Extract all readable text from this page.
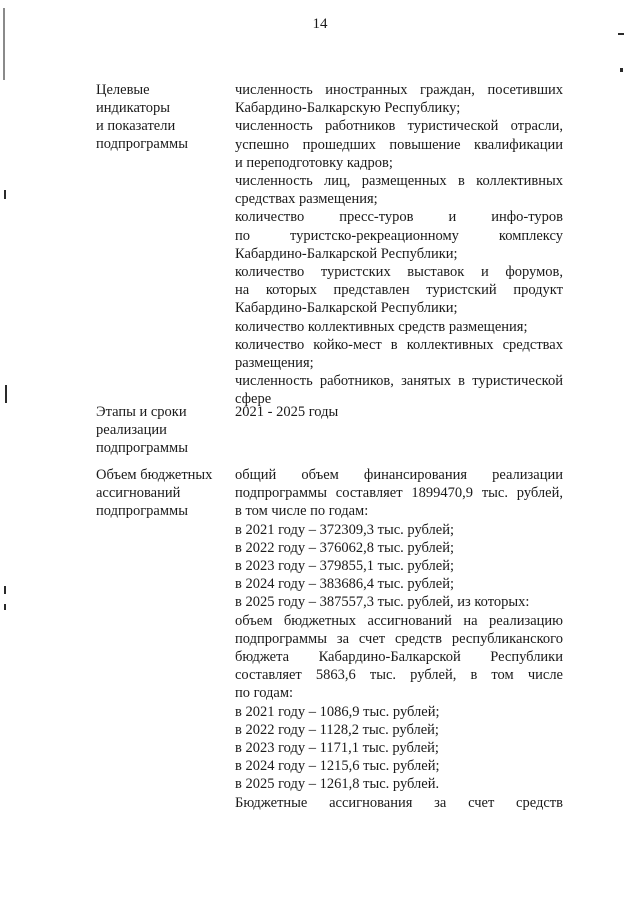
14
Целевые
индикаторы
и показатели
подпрограммы
численность иностранных граждан, посетивших
Кабардино-Балкарскую Республику;
численность работников туристической отрасли,
успешно прошедших повышение квалификации
и переподготовку кадров;
численность лиц, размещенных в коллективных
средствах размещения;
количество пресс-туров и инфо-туров
по туристско-рекреационному комплексу
Кабардино-Балкарской Республики;
количество туристских выставок и форумов,
на которых представлен туристский продукт
Кабардино-Балкарской Республики;
количество коллективных средств размещения;
количество койко-мест в коллективных средствах
размещения;
численность работников, занятых в туристической
сфере
Этапы и сроки
реализации
подпрограммы
2021 - 2025 годы
Объем бюджетных
ассигнований
подпрограммы
общий объем финансирования реализации
подпрограммы составляет 1899470,9 тыс. рублей,
в том числе по годам:
в 2021 году – 372309,3 тыс. рублей;
в 2022 году – 376062,8 тыс. рублей;
в 2023 году – 379855,1 тыс. рублей;
в 2024 году – 383686,4 тыс. рублей;
в 2025 году – 387557,3 тыс. рублей, из которых:
объем бюджетных ассигнований на реализацию
подпрограммы за счет средств республиканского
бюджета Кабардино-Балкарской Республики
составляет 5863,6 тыс. рублей, в том числе
по годам:
в 2021 году – 1086,9 тыс. рублей;
в 2022 году – 1128,2 тыс. рублей;
в 2023 году – 1171,1 тыс. рублей;
в 2024 году – 1215,6 тыс. рублей;
в 2025 году – 1261,8 тыс. рублей.
Бюджетные ассигнования за счет средств
